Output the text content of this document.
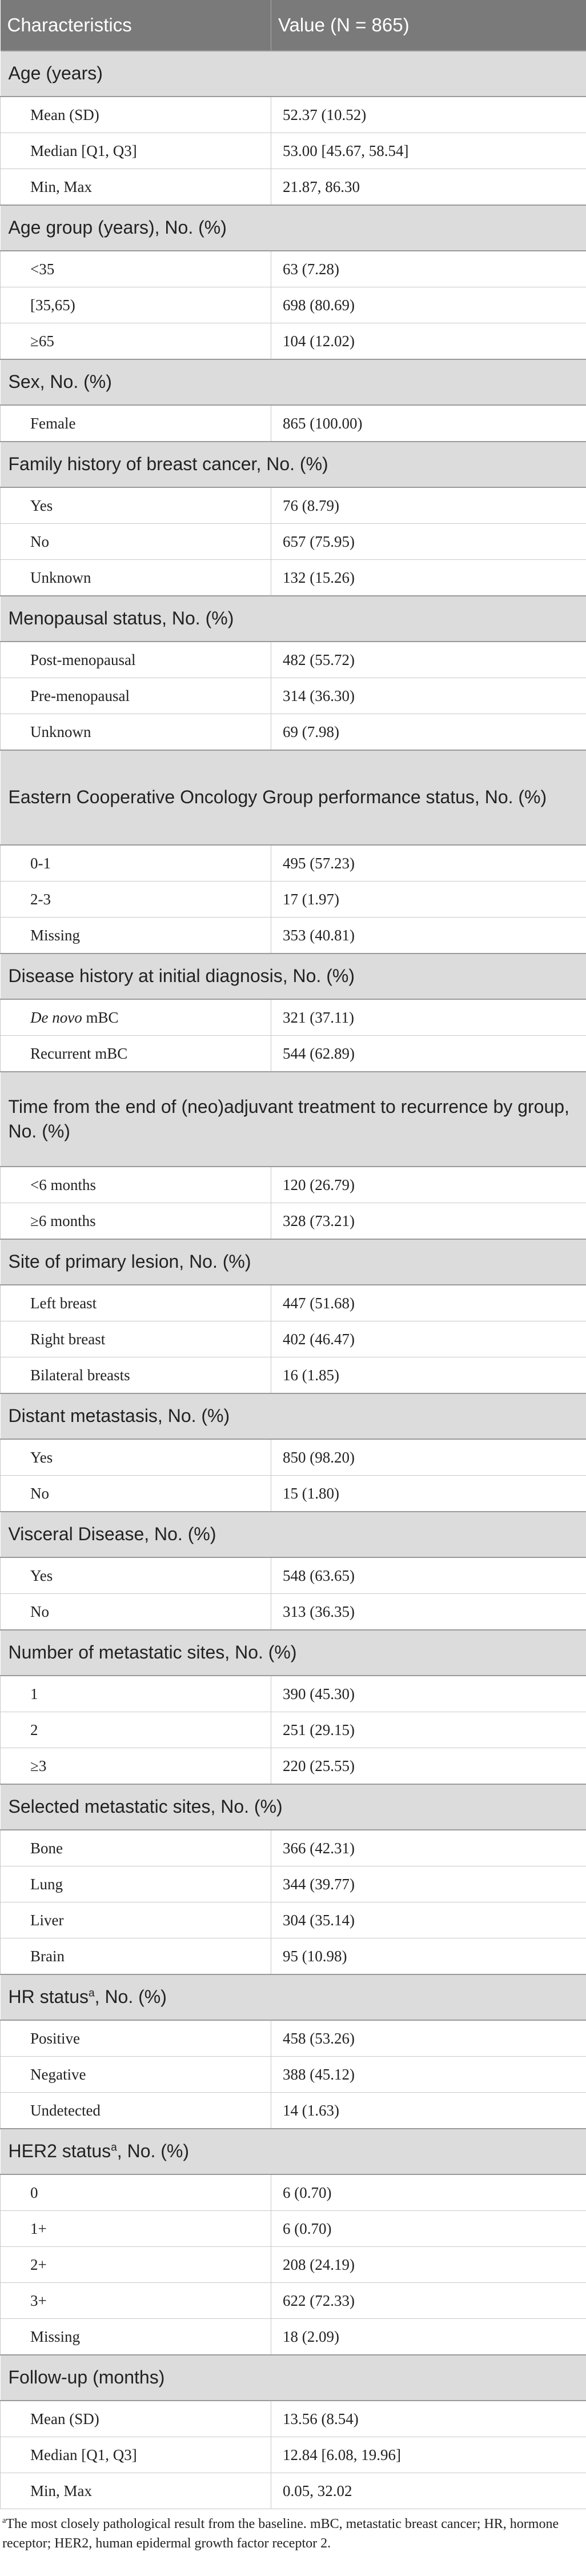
Characteristics	Value (N = 865)
Age (years)	
Mean (SD)	52.37 (10.52)
Median [Q1, Q3]	53.00 [45.67, 58.54]
Min, Max	21.87, 86.30
Age group (years), No. (%)	
<35	63 (7.28)
[35,65)	698 (80.69)
≥65	104 (12.02)
Sex, No. (%)	
Female	865 (100.00)
Family history of breast cancer, No. (%)	
Yes	76 (8.79)
No	657 (75.95)
Unknown	132 (15.26)
Menopausal status, No. (%)	
Post-menopausal	482 (55.72)
Pre-menopausal	314 (36.30)
Unknown	69 (7.98)
Eastern Cooperative Oncology Group performance status, No. (%)	
0-1	495 (57.23)
2-3	17 (1.97)
Missing	353 (40.81)
Disease history at initial diagnosis, No. (%)	
De novo mBC	321 (37.11)
Recurrent mBC	544 (62.89)
Time from the end of (neo)adjuvant treatment to recurrence by group, No. (%)	
<6 months	120 (26.79)
≥6 months	328 (73.21)
Site of primary lesion, No. (%)	
Left breast	447 (51.68)
Right breast	402 (46.47)
Bilateral breasts	16 (1.85)
Distant metastasis, No. (%)	
Yes	850 (98.20)
No	15 (1.80)
Visceral Disease, No. (%)	
Yes	548 (63.65)
No	313 (36.35)
Number of metastatic sites, No. (%)	
1	390 (45.30)
2	251 (29.15)
≥3	220 (25.55)
Selected metastatic sites, No. (%)	
Bone	366 (42.31)
Lung	344 (39.77)
Liver	304 (35.14)
Brain	95 (10.98)
HR status$^a$, No. (%)	
Positive	458 (53.26)
Negative	388 (45.12)
Undetected	14 (1.63)
HER2 status$^a$, No. (%)	
0	6 (0.70)
1+	6 (0.70)
2+	208 (24.19)
3+	622 (72.33)
Missing	18 (2.09)
Follow-up (months)	
Mean (SD)	13.56 (8.54)
Median [Q1, Q3]	12.84 [6.08, 19.96]
Min, Max	0.05, 32.02
$^a$The most closely pathological result from the baseline. mBC, metastatic breast cancer; HR, hormone receptor; HER2, human epidermal growth factor receptor 2.
